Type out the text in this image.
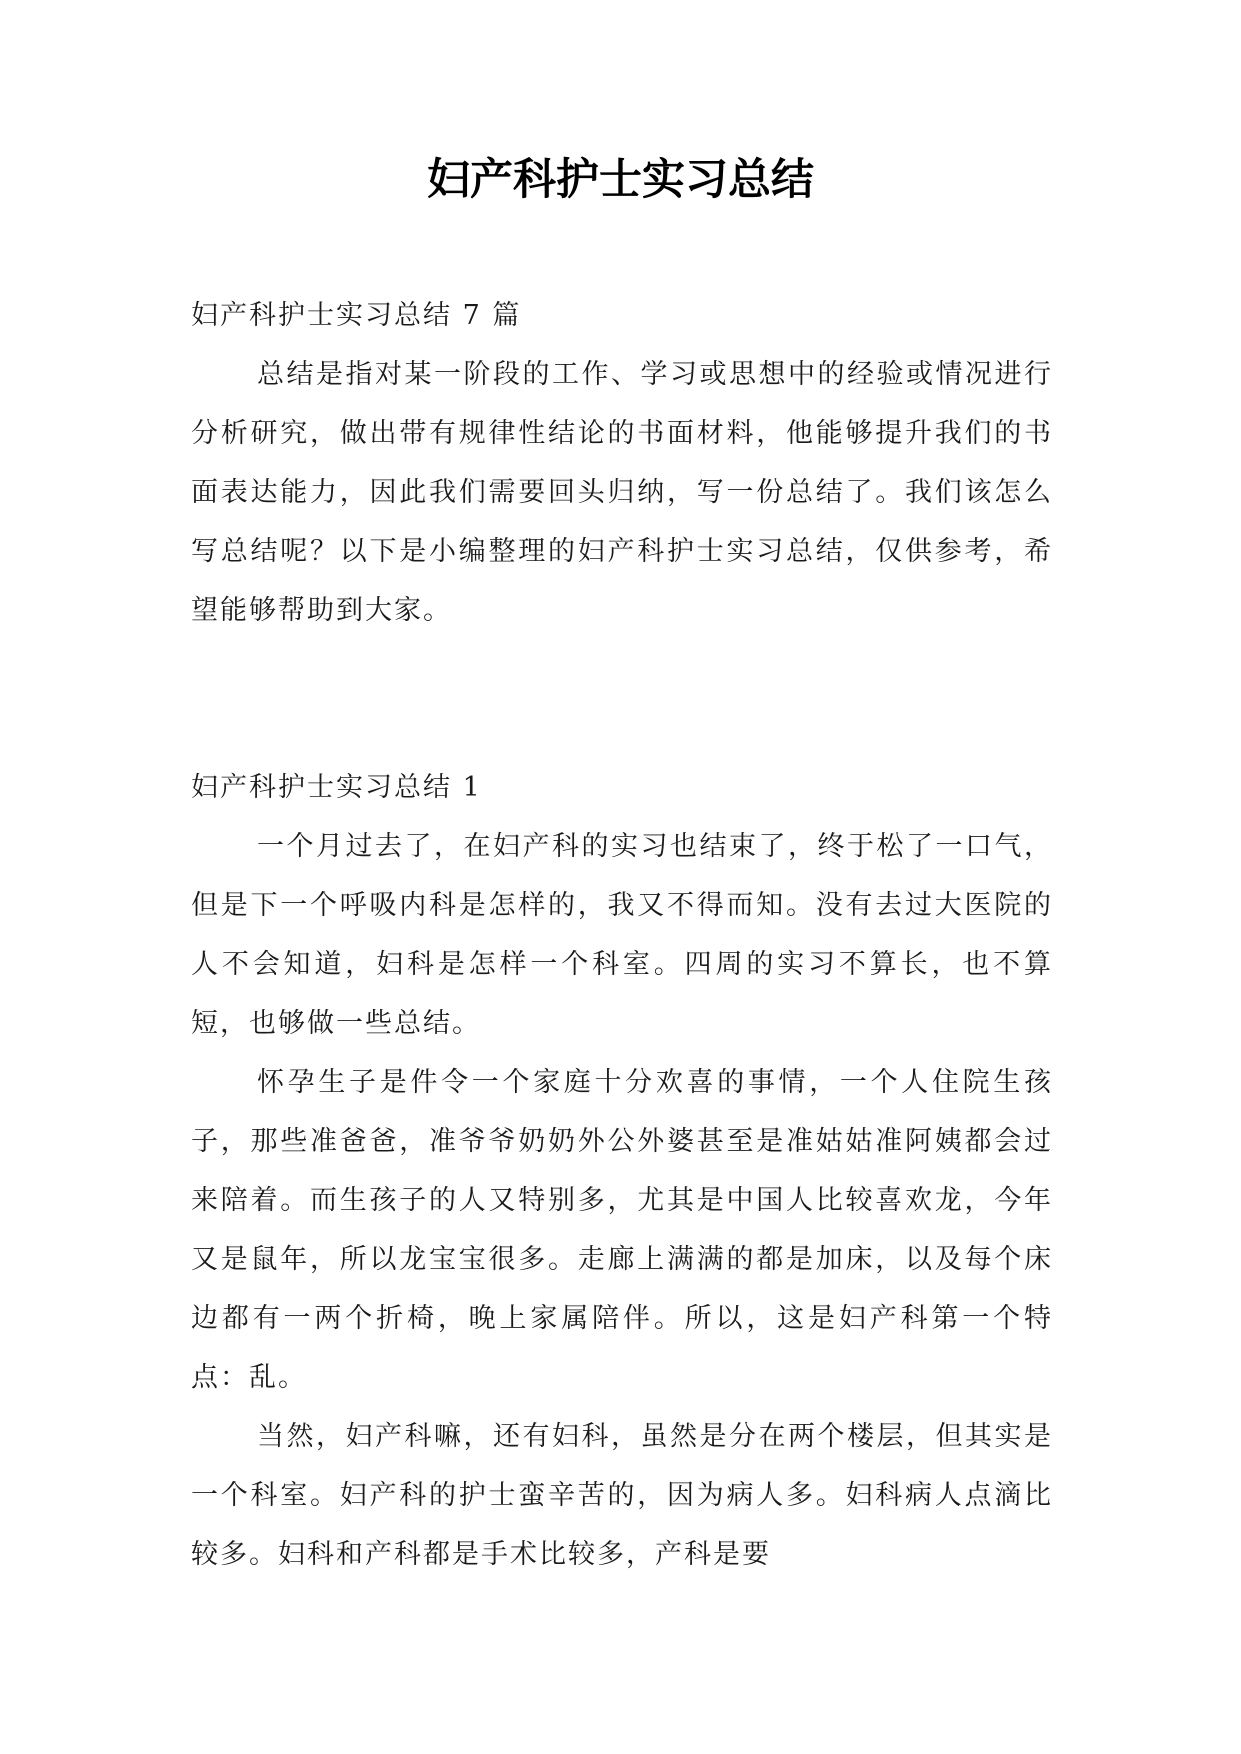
妇产科护士实习总结

妇产科护士实习总结 7 篇

总结是指对某一阶段的工作、学习或思想中的经验或情况进行分析研究，做出带有规律性结论的书面材料，他能够提升我们的书面表达能力，因此我们需要回头归纳，写一份总结了。我们该怎么写总结呢？以下是小编整理的妇产科护士实习总结，仅供参考，希望能够帮助到大家。

妇产科护士实习总结 1

一个月过去了，在妇产科的实习也结束了，终于松了一口气，但是下一个呼吸内科是怎样的，我又不得而知。没有去过大医院的人不会知道，妇科是怎样一个科室。四周的实习不算长，也不算短，也够做一些总结。

怀孕生子是件令一个家庭十分欢喜的事情，一个人住院生孩子，那些准爸爸，准爷爷奶奶外公外婆甚至是准姑姑准阿姨都会过来陪着。而生孩子的人又特别多，尤其是中国人比较喜欢龙，今年又是鼠年，所以龙宝宝很多。走廊上满满的都是加床，以及每个床边都有一两个折椅，晚上家属陪伴。所以，这是妇产科第一个特点：乱。

当然，妇产科嘛，还有妇科，虽然是分在两个楼层，但其实是一个科室。妇产科的护士蛮辛苦的，因为病人多。妇科病人点滴比较多。妇科和产科都是手术比较多，产科是要
